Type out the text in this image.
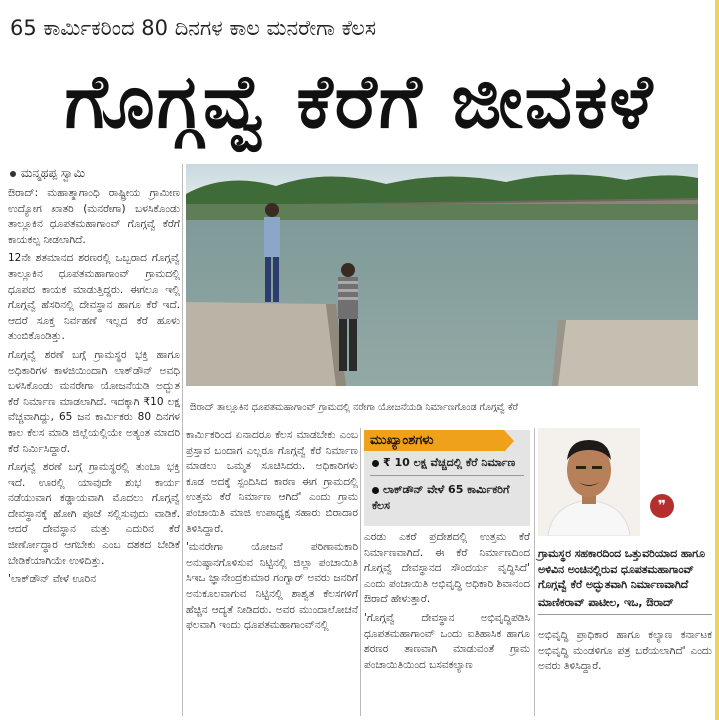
65 ಕಾರ್ಮಿಕರಿಂದ 80 ದಿನಗಳ ಕಾಲ ಮನರೇಗಾ ಕೆಲಸ
ಗೊಗ್ಗವ್ವೆ ಕೆರೆಗೆ ಜೀವಕಳೆ
ಮನ್ಮಥಪ್ಪ ಸ್ವಾಮಿ

ಔರಾದ್: ಮಹಾತ್ಮಾಗಾಂಧಿ ರಾಷ್ಟ್ರೀಯ ಗ್ರಾಮೀಣ ಉದ್ಯೋಗ ಖಾತರಿ (ಮನರೇಗಾ) ಬಳಸಿಕೊಂಡು ತಾಲ್ಲೂಕಿನ ಧೂಪತಮಹಾಗಾಂವ್ ಗೊಗ್ಗವ್ವೆ ಕೆರೆಗೆ ಕಾಯಕಲ್ಪ ನೀಡಲಾಗಿದೆ.

12ನೇ ಶತಮಾನದ ಶರಣರಲ್ಲಿ ಒಬ್ಬರಾದ ಗೊಗ್ಗವ್ವೆ ತಾಲ್ಲೂಕಿನ ಧೂಪತಮಹಾಗಾಂವ್ ಗ್ರಾಮದಲ್ಲಿ ಧೂಪದ ಕಾಯಕ ಮಾಡುತ್ತಿದ್ದರು. ಈಗಲೂ ಇಲ್ಲಿ ಗೊಗ್ಗವ್ವೆ ಹೆಸರಿನಲ್ಲಿ ದೇವಸ್ಥಾನ ಹಾಗೂ ಕೆರೆ ಇದೆ. ಆದರೆ ಸೂಕ್ತ ನಿರ್ವಹಣೆ ಇಲ್ಲದ ಕೆರೆ ಹೂಳು ತುಂಬಿಕೊಂಡಿತ್ತು.

ಗೊಗ್ಗವ್ವೆ ಶರಣೆ ಬಗ್ಗೆ ಗ್ರಾಮಸ್ಥರ ಭಕ್ತಿ ಹಾಗೂ ಅಧಿಕಾರಿಗಳ ಕಾಳಜಿಯಿಂದಾಗಿ ಲಾಕ್‌ಡೌನ್ ಅವಧಿ ಬಳಸಿಕೊಂಡು ಮನರೇಗಾ ಯೋಜನೆಯಡಿ ಅದ್ಭುತ ಕೆರೆ ನಿರ್ಮಾಣ ಮಾಡಲಾಗಿದೆ. ಇದಕ್ಕಾಗಿ ₹10 ಲಕ್ಷ ವೆಚ್ಚವಾಗಿದ್ದು, 65 ಜನ ಕಾರ್ಮಿಕರು 80 ದಿನಗಳ ಕಾಲ ಕೆಲಸ ಮಾಡಿ ಜಿಲ್ಲೆಯಲ್ಲಿಯೇ ಅತ್ಯಂತ ಮಾದರಿ ಕೆರೆ ನಿರ್ಮಿಸಿದ್ದಾರೆ.

ಗೊಗ್ಗವ್ವೆ ಶರಣೆ ಬಗ್ಗೆ ಗ್ರಾಮಸ್ಥರಲ್ಲಿ ತುಂಬಾ ಭಕ್ತಿ ಇದೆ. ಊರಲ್ಲಿ ಯಾವುದೇ ಶುಭ ಕಾರ್ಯ ನಡೆಯುವಾಗ ಕಡ್ಡಾಯವಾಗಿ ಮೊದಲು ಗೊಗ್ಗವ್ವೆ ದೇವಸ್ಥಾನಕ್ಕೆ ಹೋಗಿ ಪೂಜೆ ಸಲ್ಲಿಸುವುದು ವಾಡಿಕೆ. ಆದರೆ ದೇವಸ್ಥಾನ ಮತ್ತು ಎದುರಿನ ಕೆರೆ ಜೀರ್ಣೋದ್ಧಾರ ಆಗಬೇಕು ಎಂಬ ದಶಕದ ಬೇಡಿಕೆ ಬೇಡಿಕೆಯಾಗಿಯೇ ಉಳಿದಿತ್ತು.

'ಲಾಕ್‌ಡೌನ್ ವೇಳೆ ಊರಿನ

ಔರಾದ್ ತಾಲ್ಲೂಕಿನ ಧೂಪತಮಹಾಗಾಂವ್ ಗ್ರಾಮದಲ್ಲಿ ನರೇಗಾ ಯೋಜನೆಯಡಿ ನಿರ್ಮಾಣಗೊಂಡ ಗೊಗ್ಗವ್ವೆ ಕೆರೆ

ಕಾರ್ಮಿಕರಿಂದ ಏನಾದರೂ ಕೆಲಸ ಮಾಡಬೇಕು ಎಂಬ ಪ್ರಸ್ತಾವ ಬಂದಾಗ ಎಲ್ಲರೂ ಗೊಗ್ಗವ್ವೆ ಕೆರೆ ನಿರ್ಮಾಣ ಮಾಡಲು ಒಮ್ಮತ ಸೂಚಿಸಿದರು. ಅಧಿಕಾರಿಗಳು ಕೂಡ ಅದಕ್ಕೆ ಸ್ಪಂದಿಸಿದ ಕಾರಣ ಈಗ ಗ್ರಾಮದಲ್ಲಿ ಉತ್ತಮ ಕೆರೆ ನಿರ್ಮಾಣ ಆಗಿದೆ' ಎಂದು ಗ್ರಾಮ ಪಂಚಾಯಿತಿ ಮಾಜಿ ಉಪಾಧ್ಯಕ್ಷ ಸಹಾರು ಬಿರಾದಾರ ತಿಳಿಸಿದ್ದಾರೆ.

'ಮನರೇಗಾ ಯೋಜನೆ ಪರಿಣಾಮಕಾರಿ ಅನುಷ್ಠಾನಗೊಳಿಸುವ ನಿಟ್ಟಿನಲ್ಲಿ ಜಿಲ್ಲಾ ಪಂಚಾಯಿತಿ ಸಿಇಒ ಜ್ಞಾನೇಂದ್ರಕುಮಾರ ಗಂಗ್ವಾರ್ ಅವರು ಜನರಿಗೆ ಅನುಕೂಲವಾಗುವ ನಿಟ್ಟಿನಲ್ಲಿ ಶಾಶ್ವತ ಕೆಲಸಗಳಿಗೆ ಹೆಚ್ಚಿನ ಆದ್ಯತೆ ನೀಡಿದರು. ಅವರ ಮುಂದಾಲೋಚನೆ ಫಲವಾಗಿ ಇಂದು ಧೂಪತಮಹಾಗಾಂವ್‌ನಲ್ಲಿ

ಮುಖ್ಯಾಂಶಗಳು
₹ 10 ಲಕ್ಷ ವೆಚ್ಚದಲ್ಲಿ ಕೆರೆ ನಿರ್ಮಾಣ
ಲಾಕ್‌ಡೌನ್ ವೇಳೆ 65 ಕಾರ್ಮಿಕರಿಗೆ ಕೆಲಸ

ಎರಡು ಎಕರೆ ಪ್ರದೇಶದಲ್ಲಿ ಉತ್ತಮ ಕೆರೆ ನಿರ್ಮಾಣವಾಗಿದೆ. ಈ ಕೆರೆ ನಿರ್ಮಾಣದಿಂದ ಗೊಗ್ಗವ್ವೆ ದೇವಸ್ಥಾನದ ಸೌಂದರ್ಯ ವೃದ್ಧಿಸಿದೆ' ಎಂದು ಪಂಚಾಯಿತಿ ಅಭಿವೃದ್ಧಿ ಅಧಿಕಾರಿ ಶಿವಾನಂದ ಔರಾದೆ ಹೇಳುತ್ತಾರೆ.

'ಗೊಗ್ಗವ್ವೆ ದೇವಸ್ಥಾನ ಅಭಿವೃದ್ಧಿಪಡಿಸಿ ಧೂಪತಮಹಾಗಾಂವ್ ಒಂದು ಐತಿಹಾಸಿಕ ಹಾಗೂ ಶರಣರ ತಾಣವಾಗಿ ಮಾಡುವಂತೆ ಗ್ರಾಮ ಪಂಚಾಯಿತಿಯಿಂದ ಬಸವಕಲ್ಯಾಣ

❞
ಗ್ರಾಮಸ್ಥರ ಸಹಕಾರದಿಂದ ಒತ್ತುವರಿಯಾದ ಹಾಗೂ ಅಳಿವಿನ ಅಂಚಿನಲ್ಲಿರುವ ಧೂಪತಮಹಾಗಾಂವ್ ಗೊಗ್ಗವ್ವೆ ಕೆರೆ ಅದ್ಭುತವಾಗಿ ನಿರ್ಮಾಣವಾಗಿದೆ
ಮಾಣಿಕರಾವ್ ಪಾಟೀಲ, ಇಒ, ಔರಾದ್

ಅಭಿವೃದ್ಧಿ ಪ್ರಾಧಿಕಾರ ಹಾಗೂ ಕಲ್ಯಾಣ ಕರ್ನಾಟಕ ಅಭಿವೃದ್ಧಿ ಮಂಡಳಿಗೂ ಪತ್ರ ಬರೆಯಲಾಗಿದೆ' ಎಂದು ಅವರು ತಿಳಿಸಿದ್ದಾರೆ.
